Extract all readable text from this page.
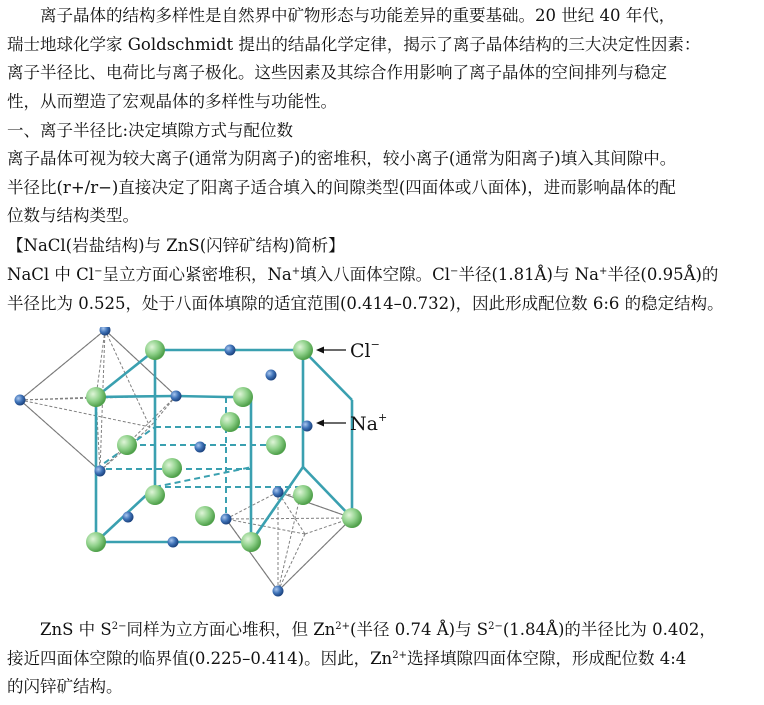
离子晶体的结构多样性是自然界中矿物形态与功能差异的重要基础。20 世纪 40 年代，
瑞士地球化学家 Goldschmidt 提出的结晶化学定律，揭示了离子晶体结构的三大决定性因素：
离子半径比、电荷比与离子极化。这些因素及其综合作用影响了离子晶体的空间排列与稳定
性，从而塑造了宏观晶体的多样性与功能性。

一、离子半径比:决定填隙方式与配位数

离子晶体可视为较大离子(通常为阴离子)的密堆积，较小离子(通常为阳离子)填入其间隙中。
半径比(r+/r−)直接决定了阳离子适合填入的间隙类型(四面体或八面体)，进而影响晶体的配
位数与结构类型。

【NaCl(岩盐结构)与 ZnS(闪锌矿结构)简析】

NaCl 中 Cl−呈立方面心紧密堆积，Na+填入八面体空隙。Cl−半径(1.81Å)与 Na+半径(0.95Å)的
半径比为 0.525，处于八面体填隙的适宜范围(0.414–0.732)，因此形成配位数 6:6 的稳定结构。

Cl−
Na+

ZnS 中 $S^{2-}$同样为立方面心堆积，但 $Zn^{2+}$(半径 0.74 Å)与 $S^{2-}(1.84Å)$的半径比为 0.402，
接近四面体空隙的临界值(0.225–0.414)。因此，$Zn^{2+}$选择填隙四面体空隙，形成配位数 4:4
的闪锌矿结构。
